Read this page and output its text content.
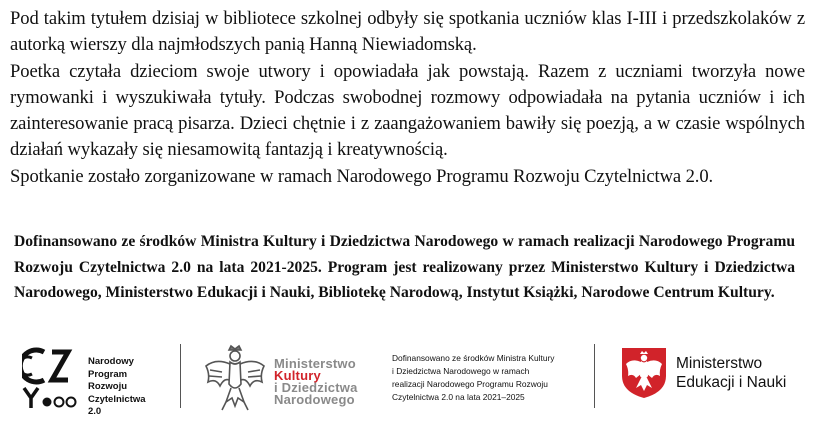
Pod takim tytułem dzisiaj w bibliotece szkolnej odbyły się spotkania uczniów klas I-III i przedszkolaków z autorką wierszy dla najmłodszych panią Hanną Niewiadomską.

Poetka czytała dzieciom swoje utwory i opowiadała jak powstają. Razem z uczniami tworzyła nowe rymowanki i wyszukiwała tytuły. Podczas swobodnej rozmowy odpowiadała na pytania uczniów i ich zainteresowanie pracą pisarza. Dzieci chętnie i z zaangażowaniem bawiły się poezją, a w czasie wspólnych działań wykazały się niesamowitą fantazją i kreatywnością.

Spotkanie zostało zorganizowane w ramach Narodowego Programu Rozwoju Czytelnictwa 2.0.

Dofinansowano ze środków Ministra Kultury i Dziedzictwa Narodowego w ramach realizacji Narodowego Programu Rozwoju Czytelnictwa 2.0 na lata 2021-2025. Program jest realizowany przez Ministerstwo Kultury i Dziedzictwa Narodowego, Ministerstwo Edukacji i Nauki, Bibliotekę Narodową, Instytut Książki, Narodowe Centrum Kultury.
Narodowy
Program
Rozwoju
Czytelnictwa
2.0
Ministerstwo
Kultury
i Dziedzictwa
Narodowego
Dofinansowano ze środków Ministra Kultury
i Dziedzictwa Narodowego w ramach
realizacji Narodowego Programu Rozwoju
Czytelnictwa 2.0 na lata 2021–2025
Ministerstwo
Edukacji i Nauki
